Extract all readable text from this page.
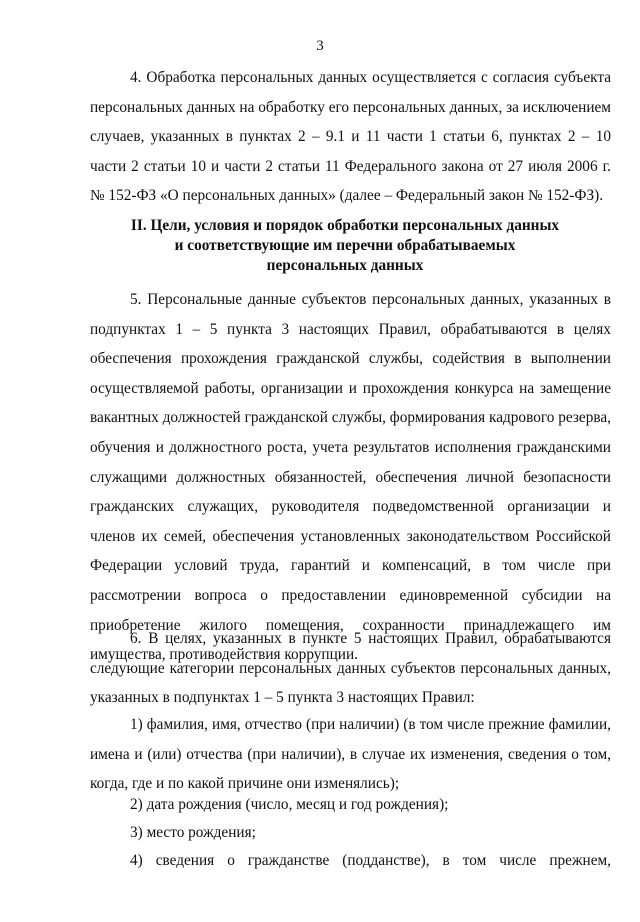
3

4. Обработка персональных данных осуществляется с согласия субъекта персональных данных на обработку его персональных данных, за исключением случаев, указанных в пунктах 2 – 9.1 и 11 части 1 статьи 6, пунктах 2 – 10 части 2 статьи 10 и части 2 статьи 11 Федерального закона от 27 июля 2006 г. № 152-ФЗ «О персональных данных» (далее – Федеральный закон № 152-ФЗ).

II. Цели, условия и порядок обработки персональных данных
и соответствующие им перечни обрабатываемых
персональных данных

5. Персональные данные субъектов персональных данных, указанных в подпунктах 1 – 5 пункта 3 настоящих Правил, обрабатываются в целях обеспечения прохождения гражданской службы, содействия в выполнении осуществляемой работы, организации и прохождения конкурса на замещение вакантных должностей гражданской службы, формирования кадрового резерва, обучения и должностного роста, учета результатов исполнения гражданскими служащими должностных обязанностей, обеспечения личной безопасности гражданских служащих, руководителя подведомственной организации и членов их семей, обеспечения установленных законодательством Российской Федерации условий труда, гарантий и компенсаций, в том числе при рассмотрении вопроса о предоставлении единовременной субсидии на приобретение жилого помещения, сохранности принадлежащего им имущества, противодействия коррупции.

6. В целях, указанных в пункте 5 настоящих Правил, обрабатываются следующие категории персональных данных субъектов персональных данных, указанных в подпунктах 1 – 5 пункта 3 настоящих Правил:

1) фамилия, имя, отчество (при наличии) (в том числе прежние фамилии, имена и (или) отчества (при наличии), в случае их изменения, сведения о том, когда, где и по какой причине они изменялись);

2) дата рождения (число, месяц и год рождения);

3) место рождения;

4) сведения о гражданстве (подданстве), в том числе прежнем,
